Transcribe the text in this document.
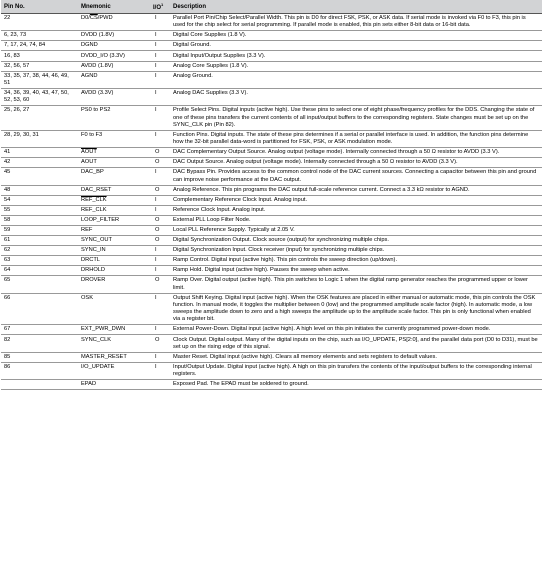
Pin No.	Mnemonic	$I/O^1$	Description
22	$D0/\overline{CS}$/PWD	I	Parallel Port Pin/Chip Select/Parallel Width. This pin is D0 for direct FSK, PSK, or ASK data. If serial mode is invoked via F0 to F3, this pin is used for the chip select for serial programming. If parallel mode is enabled, this pin sets either 8-bit data or 16-bit data.
6, 23, 73	DVDD (1.8V)	I	Digital Core Supplies (1.8 V).
7, 17, 24, 74, 84	DGND	I	Digital Ground.
16, 83	DVDD_I/O (3.3V)	I	Digital Input/Output Supplies (3.3 V).
32, 56, 57	AVDD (1.8V)	I	Analog Core Supplies (1.8 V).
33, 35, 37, 38, 44, 46, 49, 51	AGND	I	Analog Ground.
34, 36, 39, 40, 43, 47, 50, 52, 53, 60	AVDD (3.3V)	I	Analog DAC Supplies (3.3 V).
25, 26, 27	PS0 to PS2	I	Profile Select Pins. Digital inputs (active high). Use these pins to select one of eight phase/frequency profiles for the DDS. Changing the state of one of these pins transfers the current contents of all input/output buffers to the corresponding registers. State changes must be set up on the SYNC_CLK pin (Pin 82).
28, 29, 30, 31	F0 to F3	I	Function Pins. Digital inputs. The state of these pins determines if a serial or parallel interface is used. In addition, the function pins determine how the 32-bit parallel data-word is partitioned for FSK, PSK, or ASK modulation mode.
41	AOUT	O	DAC Complementary Output Source. Analog output (voltage mode). Internally connected through a 50 Ω resistor to AVDD (3.3 V).
42	AOUT	O	DAC Output Source. Analog output (voltage mode). Internally connected through a 50 Ω resistor to AVDD (3.3 V).
45	DAC_BP	I	DAC Bypass Pin. Provides access to the common control node of the DAC current sources. Connecting a capacitor between this pin and ground can improve noise performance at the DAC output.
48	DAC_RSET	O	Analog Reference. This pin programs the DAC output full-scale reference current. Connect a 3.3 kΩ resistor to AGND.
54	REF_CLK	I	Complementary Reference Clock Input. Analog input.
55	REF_CLK	I	Reference Clock Input. Analog input.
58	LOOP_FILTER	O	External PLL Loop Filter Node.
59	REF	O	Local PLL Reference Supply. Typically at 2.05 V.
61	SYNC_OUT	O	Digital Synchronization Output. Clock source (output) for synchronizing multiple chips.
62	SYNC_IN	I	Digital Synchronization Input. Clock receiver (input) for synchronizing multiple chips.
63	DRCTL	I	Ramp Control. Digital input (active high). This pin controls the sweep direction (up/down).
64	DRHOLD	I	Ramp Hold. Digital input (active high). Pauses the sweep when active.
65	DROVER	O	Ramp Over. Digital output (active high). This pin switches to Logic 1 when the digital ramp generator reaches the programmed upper or lower limit.
66	OSK	I	Output Shift Keying. Digital input (active high). When the OSK features are placed in either manual or automatic mode, this pin controls the OSK function. In manual mode, it toggles the multiplier between 0 (low) and the programmed amplitude scale factor (high). In automatic mode, a low sweeps the amplitude down to zero and a high sweeps the amplitude up to the amplitude scale factor. This pin is only functional when enabled via a register bit.
67	EXT_PWR_DWN	I	External Power-Down. Digital input (active high). A high level on this pin initiates the currently programmed power-down mode.
82	SYNC_CLK	O	Clock Output. Digital output. Many of the digital inputs on the chip, such as I/O_UPDATE, PS[2:0], and the parallel data port (D0 to D31), must be set up on the rising edge of this signal.
85	MASTER_RESET	I	Master Reset. Digital input (active high). Clears all memory elements and sets registers to default values.
86	I/O_UPDATE	I	Input/Output Update. Digital input (active high). A high on this pin transfers the contents of the input/output buffers to the corresponding internal registers.
	EPAD		Exposed Pad. The EPAD must be soldered to ground.
